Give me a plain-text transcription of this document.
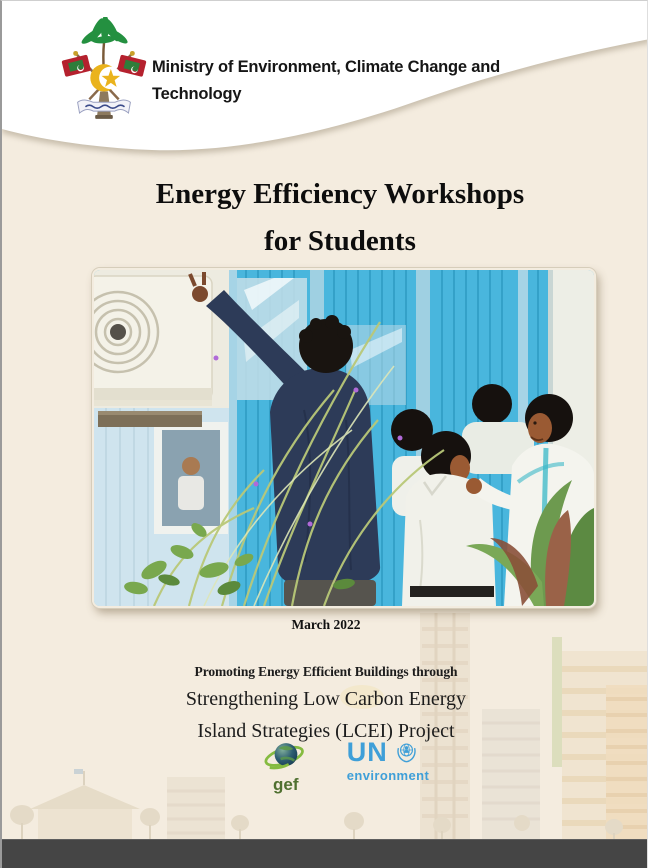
Ministry of Environment, Climate Change and
Technology
Energy Efficiency Workshops
for Students
March 2022
Promoting Energy Efficient Buildings through
Strengthening Low Carbon Energy
Island Strategies (LCEI) Project
gef
UN
environment
